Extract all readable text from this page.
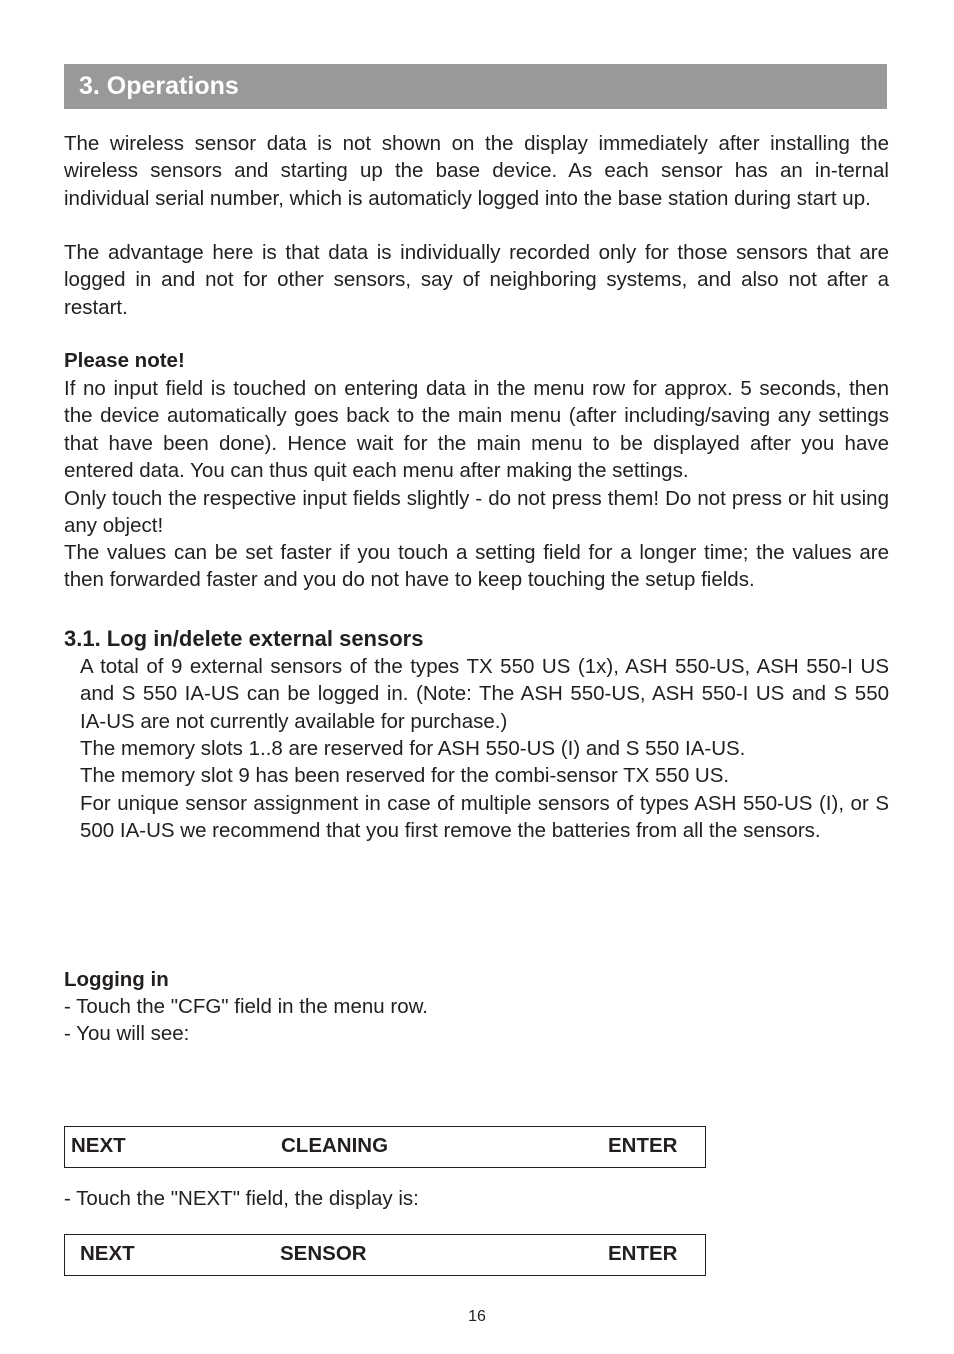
3. Operations

The wireless sensor data is not shown on the display immediately after installing the wireless sensors and starting up the base device. As each sensor has an in-ternal individual serial number, which is automaticly logged into the base station during start up.

The advantage here is that data is individually recorded only for those sensors that are logged in and not for other sensors, say of neighboring systems, and also not after a restart.

Please note!

If no input field is touched on entering data in the menu row for approx. 5 seconds, then the device automatically goes back to the main menu (after including/saving any settings that have been done). Hence wait for the main menu to be displayed after you have entered data. You can thus quit each menu after making the settings.

Only touch the respective input fields slightly - do not press them! Do not press or hit using any object!

The values can be set faster if you touch a setting field for a longer time; the values are then forwarded faster and you do not have to keep touching the setup fields.

3.1. Log in/delete external sensors

A total of 9 external sensors of the types TX 550 US (1x), ASH 550-US, ASH 550-I US and S 550 IA-US can be logged in. (Note: The ASH 550-US, ASH 550-I US and S 550 IA-US are not currently available for purchase.)

The memory slots 1..8 are reserved for ASH 550-US (I) and S 550 IA-US.

The memory slot 9 has been reserved for the combi-sensor TX 550 US.

For unique sensor assignment in case of multiple sensors of types ASH 550-US (I), or S 500 IA-US we recommend that you first remove the batteries from all the sensors.

Logging in

- Touch the "CFG" field in the menu row.

- You will see:

NEXT	CLEANING	ENTER

- Touch the "NEXT" field, the display is:

NEXT	SENSOR	ENTER
16
